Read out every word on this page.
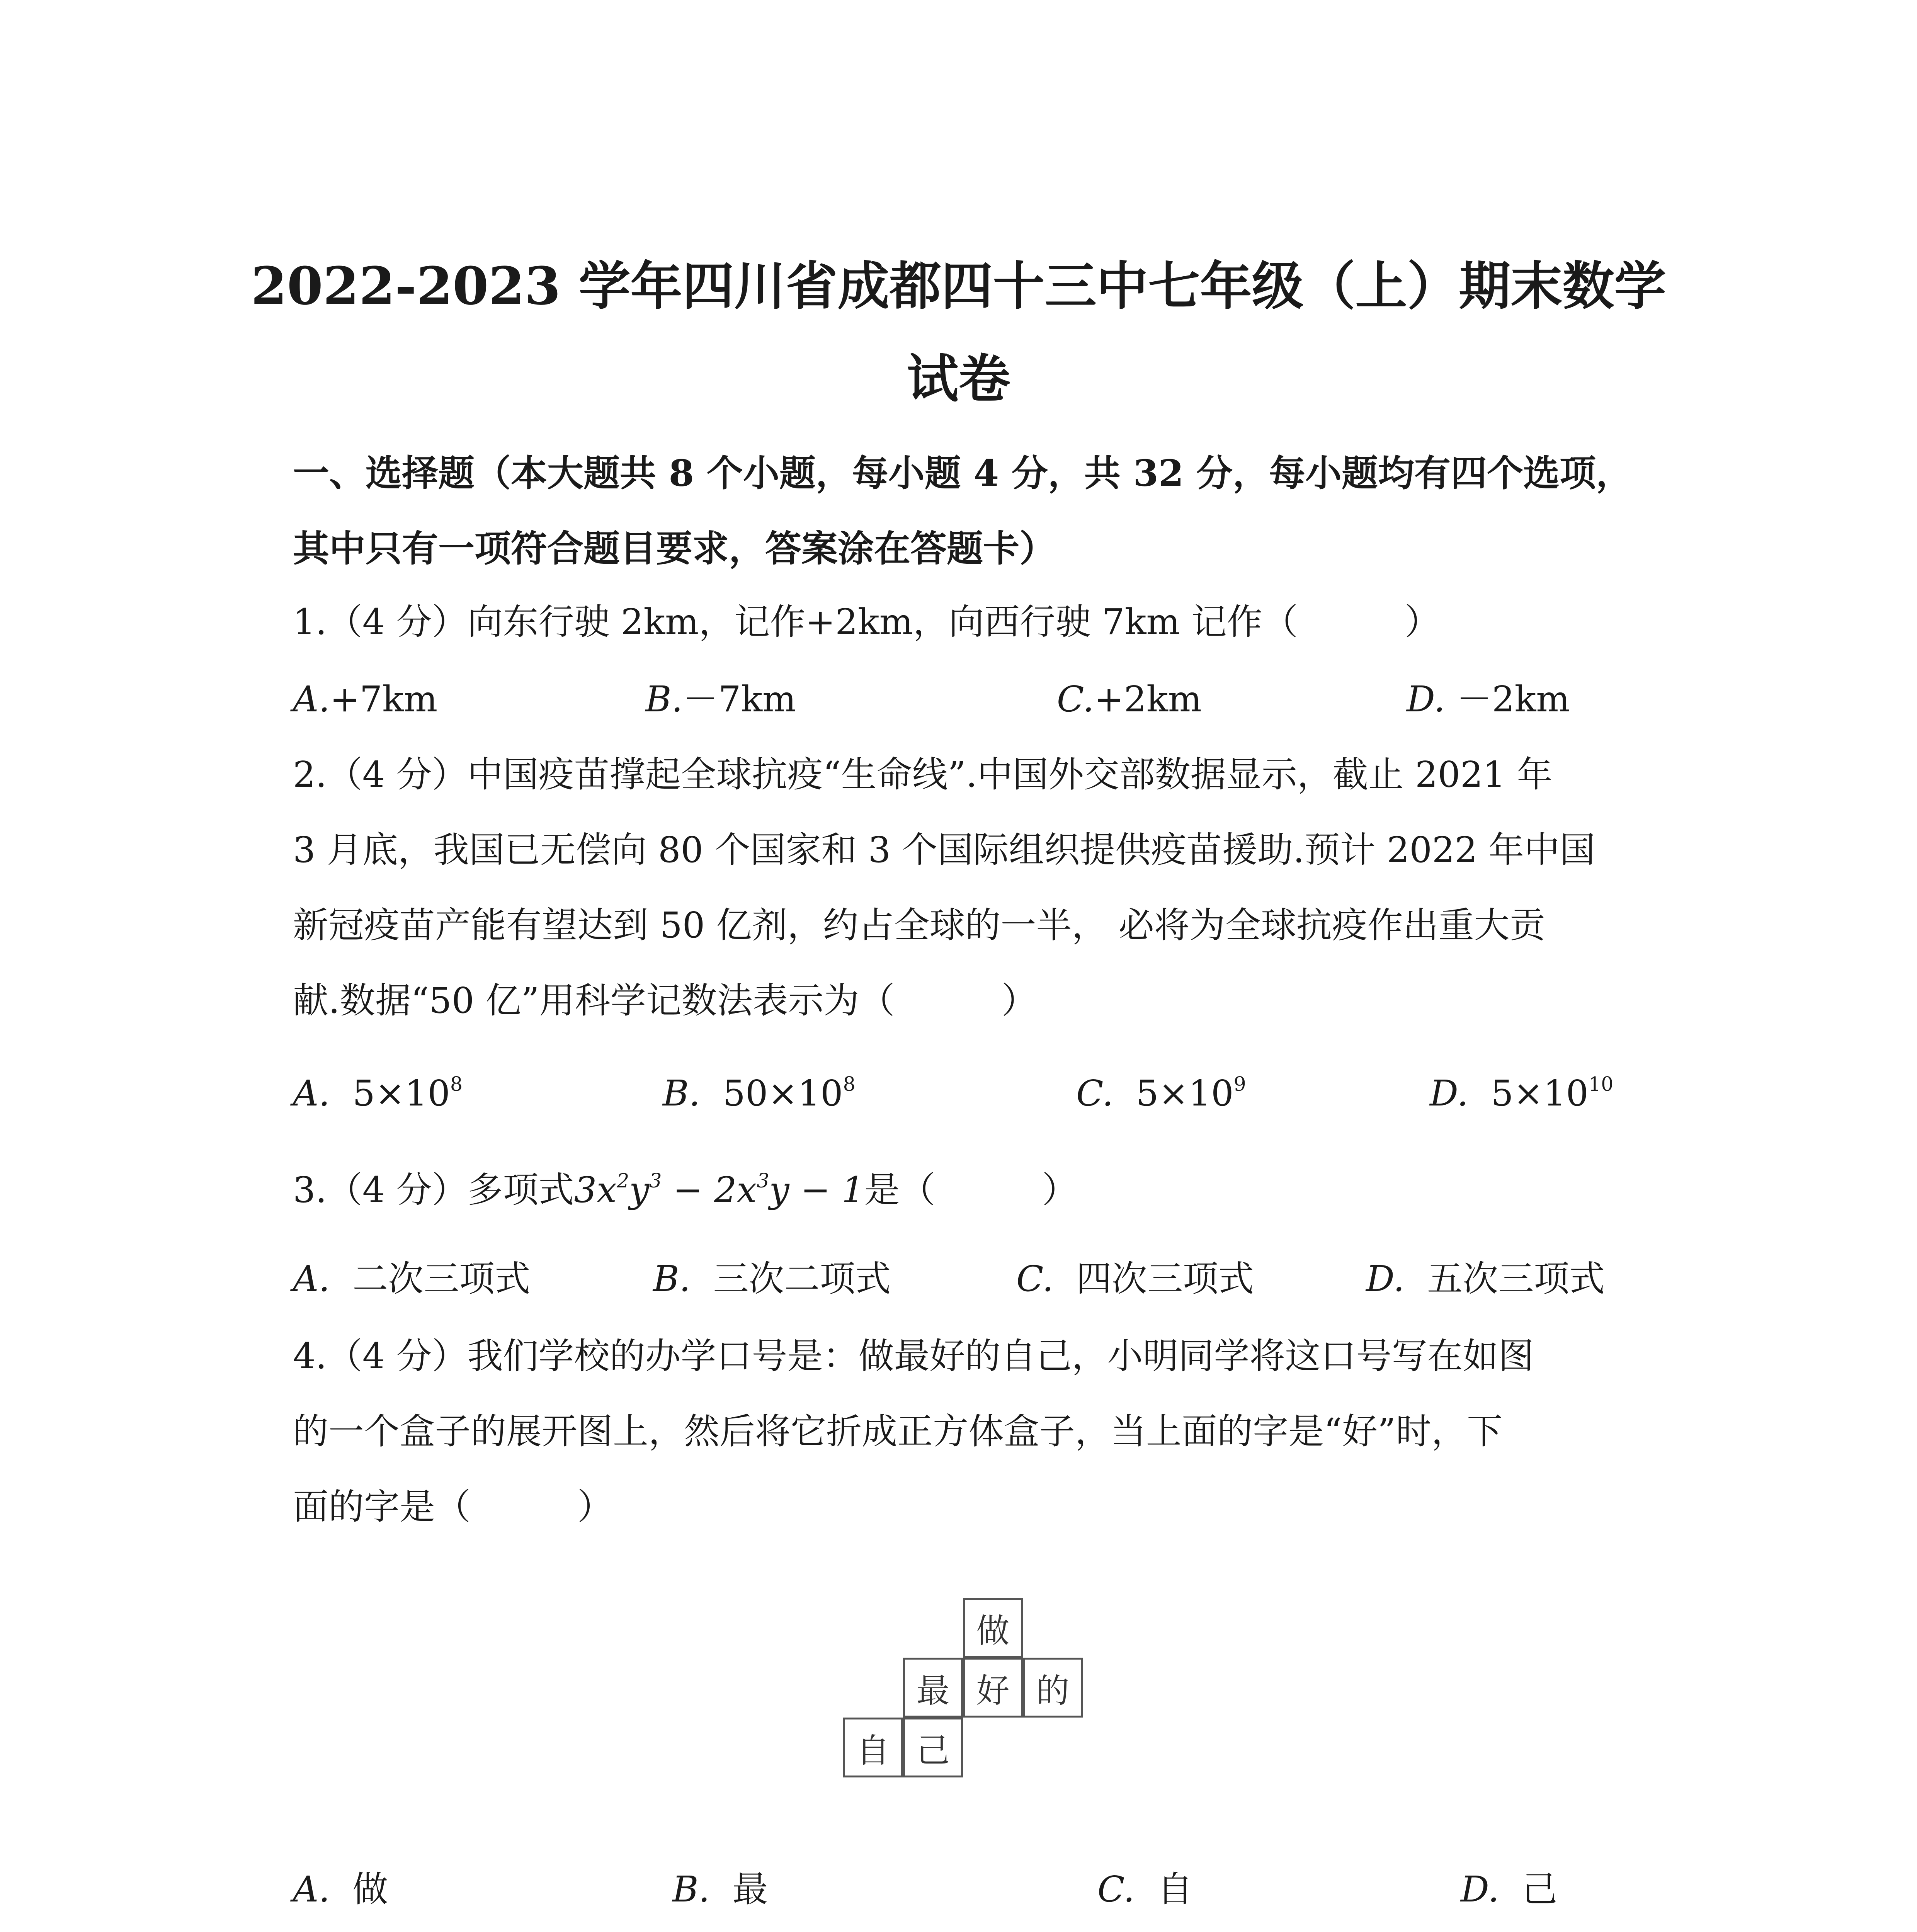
2022-2023 学年四川省成都四十三中七年级（上）期末数学
试卷
一、选择题（本大题共 8 个小题，每小题 4 分，共 32 分，每小题均有四个选项，
其中只有一项符合题目要求，答案涂在答题卡）
1.（4 分）向东行驶 2km，记作+2km，向西行驶 7km 记作（　　　）
A.+7km	B.－7km	C.+2km	D. －2km
2.（4 分）中国疫苗撑起全球抗疫“生命线”.中国外交部数据显示，截止 2021 年
3 月底，我国已无偿向 80 个国家和 3 个国际组织提供疫苗援助.预计 2022 年中国
新冠疫苗产能有望达到 50 亿剂，约占全球的一半， 必将为全球抗疫作出重大贡
献.数据“50 亿”用科学记数法表示为（　　　）
A. $5\times 10^8$	B. $50\times 10^8$	C. $5\times 10^9$	D. $5\times 10^{10}$
3.（4 分）多项式$3x^2y^3 - 2x^3y - 1$是（　　　）
A. 二次三项式	B. 三次二项式	C. 四次三项式	D. 五次三项式
4.（4 分）我们学校的办学口号是：做最好的自己，小明同学将这口号写在如图
的一个盒子的展开图上，然后将它折成正方体盒子，当上面的字是“好”时，下
面的字是（　　　）
做
最 好 的
自 己
A. 做	B. 最	C. 自	D. 己
